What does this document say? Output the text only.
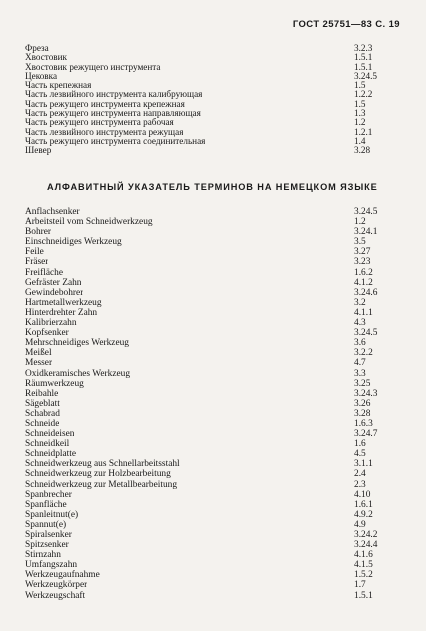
ГОСТ 25751—83 С. 19
Фреза	3.2.3
Хвостовик	1.5.1
Хвостовик режущего инструмента	1.5.1
Цековка	3.24.5
Часть крепежная	1.5
Часть лезвийного инструмента калибрующая	1.2.2
Часть режущего инструмента крепежная	1.5
Часть режущего инструмента направляющая	1.3
Часть режущего инструмента рабочая	1.2
Часть лезвийного инструмента режущая	1.2.1
Часть режущего инструмента соединительная	1.4
Шевер	3.28
АЛФАВИТНЫЙ УКАЗАТЕЛЬ ТЕРМИНОВ НА НЕМЕЦКОМ ЯЗЫКЕ
Anflachsenker	3.24.5
Arbeitsteil vom Schneidwerkzeug	1.2
Bohrer	3.24.1
Einschneidiges Werkzeug	3.5
Feile	3.27
Fräser	3.23
Freifläche	1.6.2
Gefräster Zahn	4.1.2
Gewindebohrer	3.24.6
Hartmetallwerkzeug	3.2
Hinterdrehter Zahn	4.1.1
Kalibrierzahn	4.3
Kopfsenker	3.24.5
Mehrschneidiges Werkzeug	3.6
Meißel	3.2.2
Messer	4.7
Oxidkeramisches Werkzeug	3.3
Räumwerkzeug	3.25
Reibahle	3.24.3
Sägeblatt	3.26
Schabrad	3.28
Schneide	1.6.3
Schneideisen	3.24.7
Schneidkeil	1.6
Schneidplatte	4.5
Schneidwerkzeug aus Schnellarbeitsstahl	3.1.1
Schneidwerkzeug zur Holzbearbeitung	2.4
Schneidwerkzeug zur Metallbearbeitung	2.3
Spanbrecher	4.10
Spanfläche	1.6.1
Spanleitnut(e)	4.9.2
Spannut(e)	4.9
Spiralsenker	3.24.2
Spitzsenker	3.24.4
Stirnzahn	4.1.6
Umfangszahn	4.1.5
Werkzeugaufnahme	1.5.2
Werkzeugkörper	1.7
Werkzeugschaft	1.5.1
